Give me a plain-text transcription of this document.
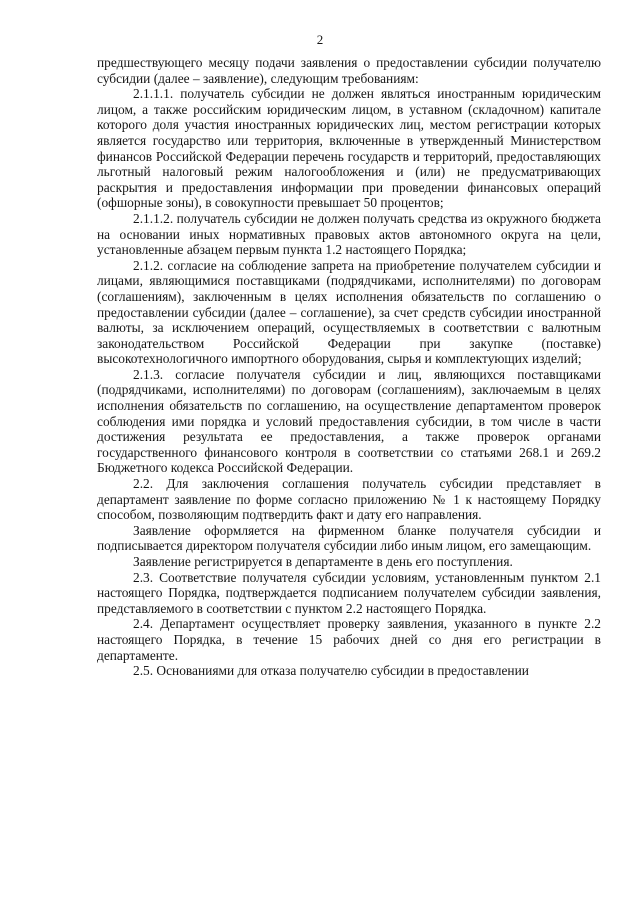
2

предшествующего месяцу подачи заявления о предоставлении субсидии получателю субсидии (далее – заявление), следующим требованиям:

2.1.1.1. получатель субсидии не должен являться иностранным юридическим лицом, а также российским юридическим лицом, в уставном (складочном) капитале которого доля участия иностранных юридических лиц, местом регистрации которых является государство или территория, включенные в утвержденный Министерством финансов Российской Федерации перечень государств и территорий, предоставляющих льготный налоговый режим налогообложения и (или) не предусматривающих раскрытия и предоставления информации при проведении финансовых операций (офшорные зоны), в совокупности превышает 50 процентов;

2.1.1.2. получатель субсидии не должен получать средства из окружного бюджета на основании иных нормативных правовых актов автономного округа на цели, установленные абзацем первым пункта 1.2 настоящего Порядка;

2.1.2. согласие на соблюдение запрета на приобретение получателем субсидии и лицами, являющимися поставщиками (подрядчиками, исполнителями) по договорам (соглашениям), заключенным в целях исполнения обязательств по соглашению о предоставлении субсидии (далее – соглашение), за счет средств субсидии иностранной валюты, за исключением операций, осуществляемых в соответствии с валютным законодательством Российской Федерации при закупке (поставке) высокотехнологичного импортного оборудования, сырья и комплектующих изделий;

2.1.3. согласие получателя субсидии и лиц, являющихся поставщиками (подрядчиками, исполнителями) по договорам (соглашениям), заключаемым в целях исполнения обязательств по соглашению, на осуществление департаментом проверок соблюдения ими порядка и условий предоставления субсидии, в том числе в части достижения результата ее предоставления, а также проверок органами государственного финансового контроля в соответствии со статьями 268.1 и 269.2 Бюджетного кодекса Российской Федерации.

2.2. Для заключения соглашения получатель субсидии представляет в департамент заявление по форме согласно приложению № 1 к настоящему Порядку способом, позволяющим подтвердить факт и дату его направления.

Заявление оформляется на фирменном бланке получателя субсидии и подписывается директором получателя субсидии либо иным лицом, его замещающим.

Заявление регистрируется в департаменте в день его поступления.

2.3. Соответствие получателя субсидии условиям, установленным пунктом 2.1 настоящего Порядка, подтверждается подписанием получателем субсидии заявления, представляемого в соответствии с пунктом 2.2 настоящего Порядка.

2.4. Департамент осуществляет проверку заявления, указанного в пункте 2.2 настоящего Порядка, в течение 15 рабочих дней со дня его регистрации в департаменте.

2.5. Основаниями для отказа получателю субсидии в предоставлении
